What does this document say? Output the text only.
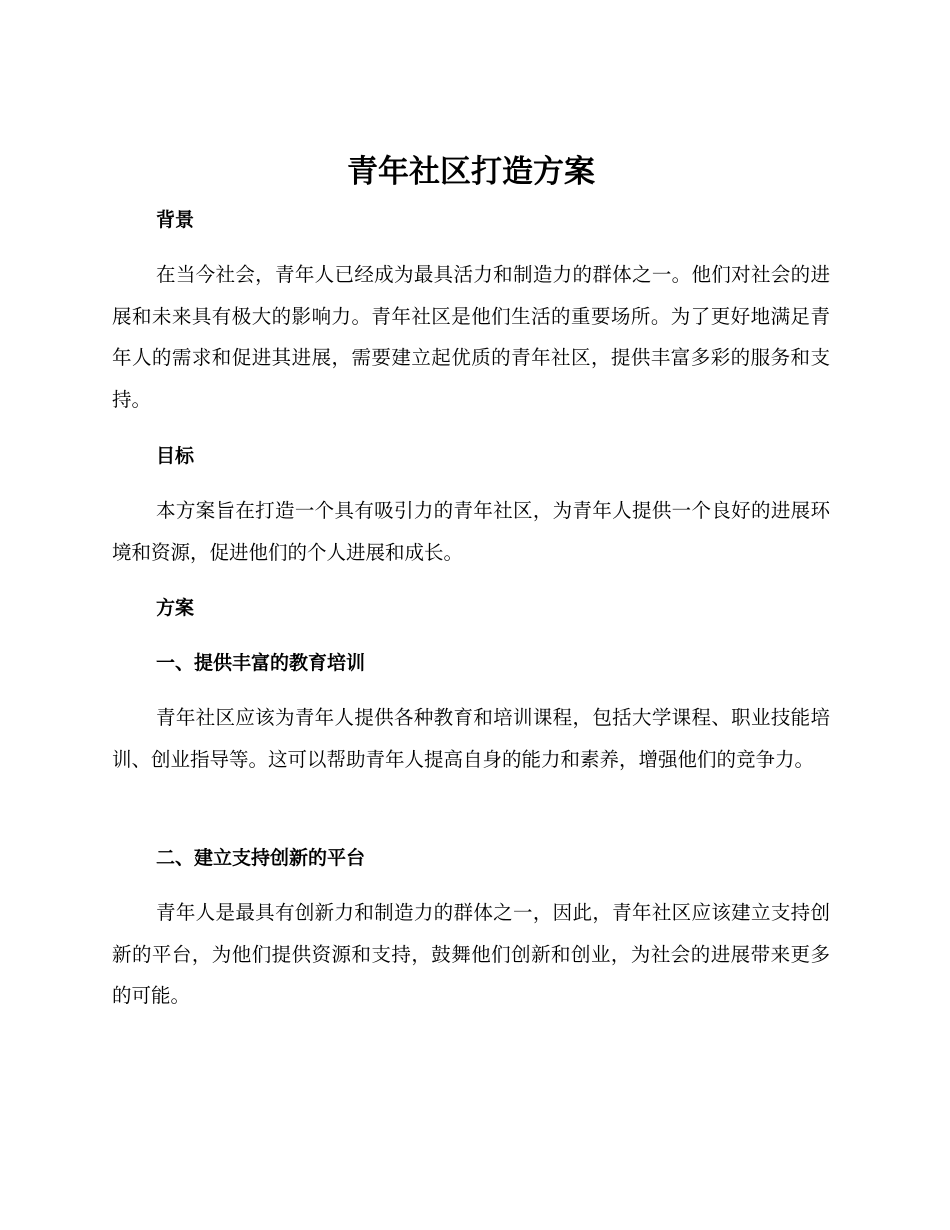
青年社区打造方案
背景

在当今社会，青年人已经成为最具活力和制造力的群体之一。他们对社会的进展和未来具有极大的影响力。青年社区是他们生活的重要场所。为了更好地满足青年人的需求和促进其进展，需要建立起优质的青年社区，提供丰富多彩的服务和支持。

目标

本方案旨在打造一个具有吸引力的青年社区，为青年人提供一个良好的进展环境和资源，促进他们的个人进展和成长。

方案
一、提供丰富的教育培训

青年社区应该为青年人提供各种教育和培训课程，包括大学课程、职业技能培训、创业指导等。这可以帮助青年人提高自身的能力和素养，增强他们的竞争力。

二、建立支持创新的平台

青年人是最具有创新力和制造力的群体之一，因此，青年社区应该建立支持创新的平台，为他们提供资源和支持，鼓舞他们创新和创业，为社会的进展带来更多的可能。
